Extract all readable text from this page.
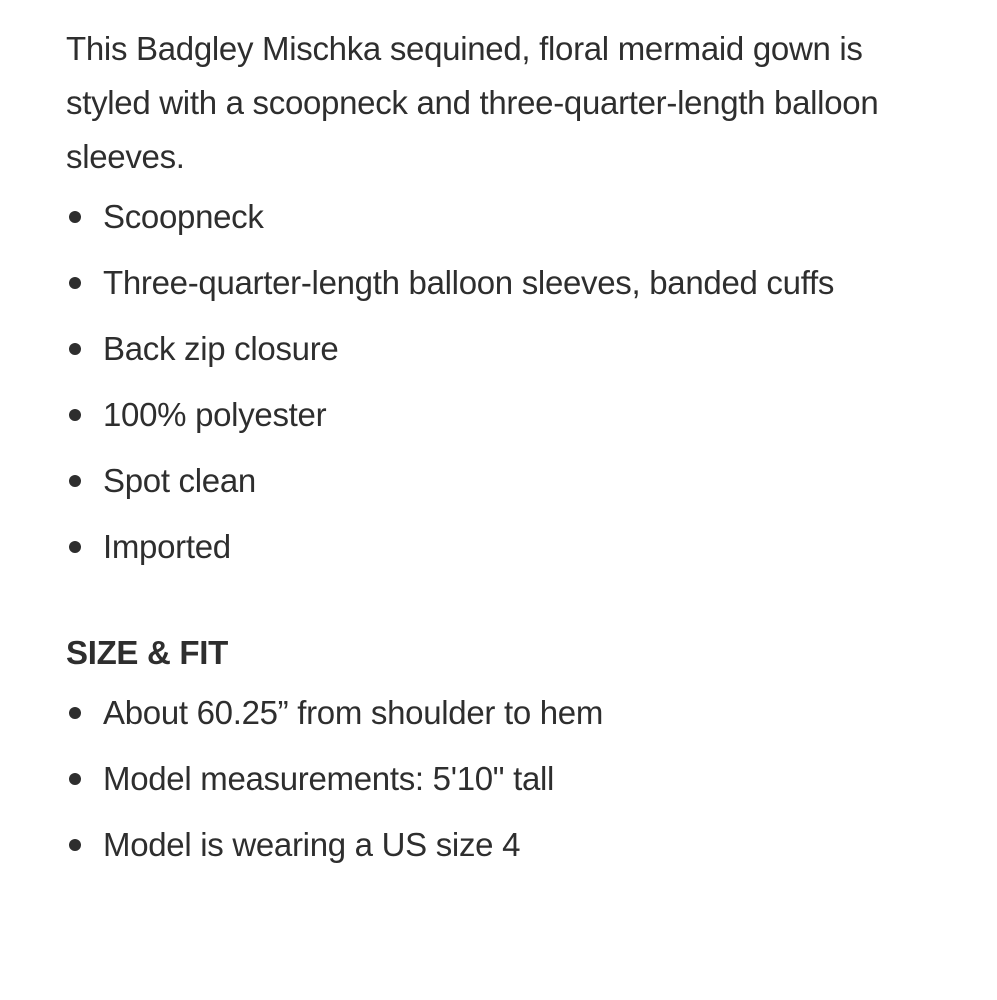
This Badgley Mischka sequined, floral mermaid gown is styled with a scoopneck and three-quarter-length balloon sleeves.

Scoopneck
Three-quarter-length balloon sleeves, banded cuffs
Back zip closure
100% polyester
Spot clean
Imported
SIZE & FIT
About 60.25” from shoulder to hem
Model measurements: 5'10" tall
Model is wearing a US size 4
